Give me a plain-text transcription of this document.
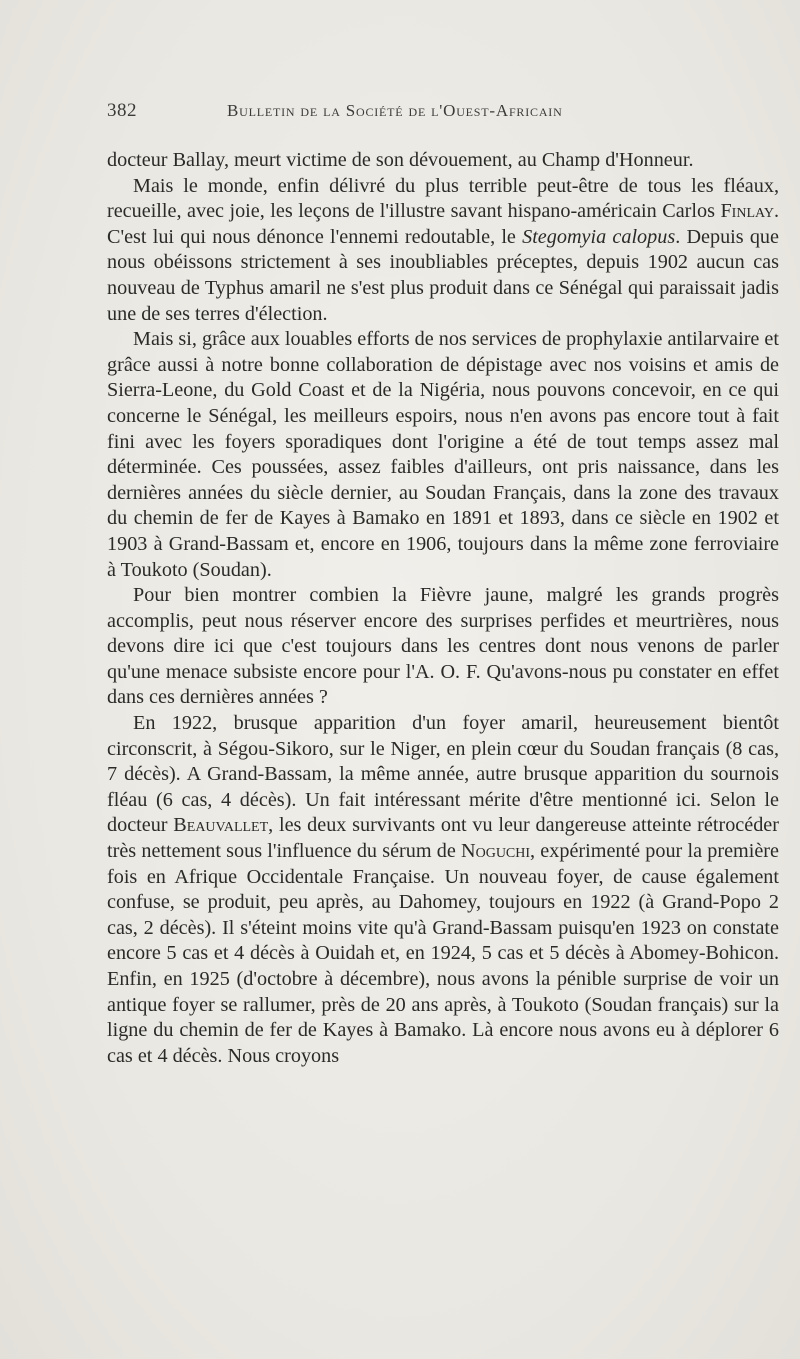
382	Bulletin de la Société de l'Ouest-Africain

docteur Ballay, meurt victime de son dévouement, au Champ d'Honneur.

Mais le monde, enfin délivré du plus terrible peut-être de tous les fléaux, recueille, avec joie, les leçons de l'illustre savant hispano-américain Carlos Finlay. C'est lui qui nous dénonce l'ennemi redoutable, le Stegomyia calopus. Depuis que nous obéissons strictement à ses inoubliables préceptes, depuis 1902 aucun cas nouveau de Typhus amaril ne s'est plus produit dans ce Sénégal qui paraissait jadis une de ses terres d'élection.

Mais si, grâce aux louables efforts de nos services de prophylaxie antilarvaire et grâce aussi à notre bonne collaboration de dépistage avec nos voisins et amis de Sierra-Leone, du Gold Coast et de la Nigéria, nous pouvons concevoir, en ce qui concerne le Sénégal, les meilleurs espoirs, nous n'en avons pas encore tout à fait fini avec les foyers sporadiques dont l'origine a été de tout temps assez mal déterminée. Ces poussées, assez faibles d'ailleurs, ont pris naissance, dans les dernières années du siècle dernier, au Soudan Français, dans la zone des travaux du chemin de fer de Kayes à Bamako en 1891 et 1893, dans ce siècle en 1902 et 1903 à Grand-Bassam et, encore en 1906, toujours dans la même zone ferroviaire à Toukoto (Soudan).

Pour bien montrer combien la Fièvre jaune, malgré les grands progrès accomplis, peut nous réserver encore des surprises perfides et meurtrières, nous devons dire ici que c'est toujours dans les centres dont nous venons de parler qu'une menace subsiste encore pour l'A. O. F. Qu'avons-nous pu constater en effet dans ces dernières années ?

En 1922, brusque apparition d'un foyer amaril, heureusement bientôt circonscrit, à Ségou-Sikoro, sur le Niger, en plein cœur du Soudan français (8 cas, 7 décès). A Grand-Bassam, la même année, autre brusque apparition du sournois fléau (6 cas, 4 décès). Un fait intéressant mérite d'être mentionné ici. Selon le docteur Beauvallet, les deux survivants ont vu leur dangereuse atteinte rétrocéder très nettement sous l'influence du sérum de Noguchi, expérimenté pour la première fois en Afrique Occidentale Française. Un nouveau foyer, de cause également confuse, se produit, peu après, au Dahomey, toujours en 1922 (à Grand-Popo 2 cas, 2 décès). Il s'éteint moins vite qu'à Grand-Bassam puisqu'en 1923 on constate encore 5 cas et 4 décès à Ouidah et, en 1924, 5 cas et 5 décès à Abomey-Bohicon. Enfin, en 1925 (d'octobre à décembre), nous avons la pénible surprise de voir un antique foyer se rallumer, près de 20 ans après, à Toukoto (Soudan français) sur la ligne du chemin de fer de Kayes à Bamako. Là encore nous avons eu à déplorer 6 cas et 4 décès. Nous croyons
